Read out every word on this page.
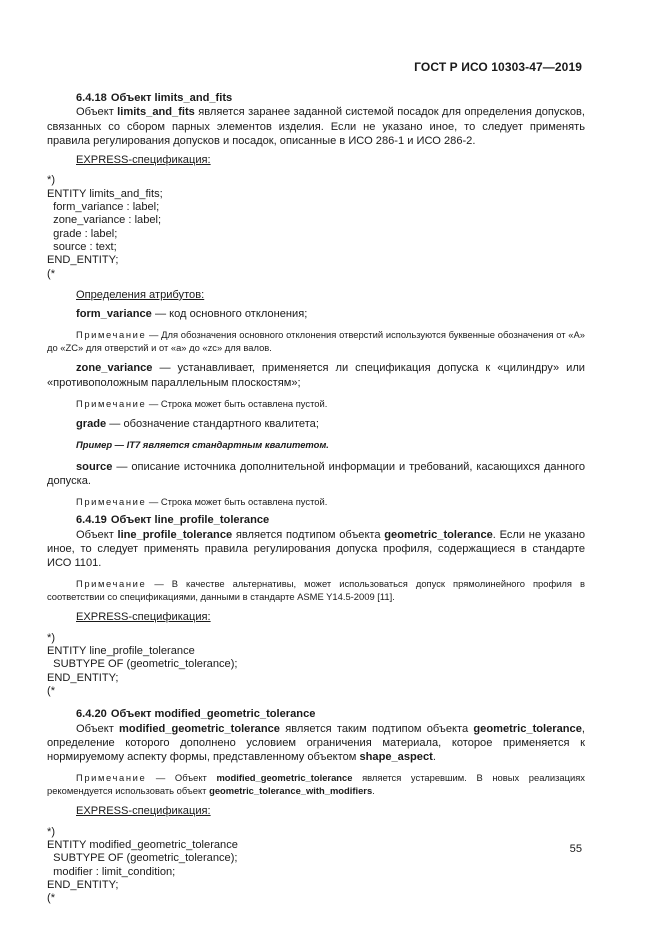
ГОСТ Р ИСО 10303-47—2019

6.4.18 Объект limits_and_fits

Объект limits_and_fits является заранее заданной системой посадок для определения допусков, связанных со сбором парных элементов изделия. Если не указано иное, то следует применять правила регулирования допусков и посадок, описанные в ИСО 286-1 и ИСО 286-2.

EXPRESS-спецификация:

*)
ENTITY limits_and_fits;
form_variance : label;
zone_variance : label;
grade : label;
source : text;
END_ENTITY;
(*

Определения атрибутов:

form_variance — код основного отклонения;

Примечание — Для обозначения основного отклонения отверстий используются буквенные обозначения от «А» до «ZC» для отверстий и от «а» до «zc» для валов.

zone_variance — устанавливает, применяется ли спецификация допуска к «цилиндру» или «противоположным параллельным плоскостям»;

Примечание — Строка может быть оставлена пустой.

grade — обозначение стандартного квалитета;

Пример — IT7 является стандартным квалитетом.

source — описание источника дополнительной информации и требований, касающихся данного допуска.

Примечание — Строка может быть оставлена пустой.

6.4.19 Объект line_profile_tolerance

Объект line_profile_tolerance является подтипом объекта geometric_tolerance. Если не указано иное, то следует применять правила регулирования допуска профиля, содержащиеся в стандарте ИСО 1101.

Примечание — В качестве альтернативы, может использоваться допуск прямолинейного профиля в соответствии со спецификациями, данными в стандарте ASME Y14.5-2009 [11].

EXPRESS-спецификация:

*)
ENTITY line_profile_tolerance
SUBTYPE OF (geometric_tolerance);
END_ENTITY;
(*

6.4.20 Объект modified_geometric_tolerance

Объект modified_geometric_tolerance является таким подтипом объекта geometric_tolerance, определение которого дополнено условием ограничения материала, которое применяется к нормируемому аспекту формы, представленному объектом shape_aspect.

Примечание — Объект modified_geometric_tolerance является устаревшим. В новых реализациях рекомендуется использовать объект geometric_tolerance_with_modifiers.

EXPRESS-спецификация:

*)
ENTITY modified_geometric_tolerance
SUBTYPE OF (geometric_tolerance);
modifier : limit_condition;
END_ENTITY;
(*
55
